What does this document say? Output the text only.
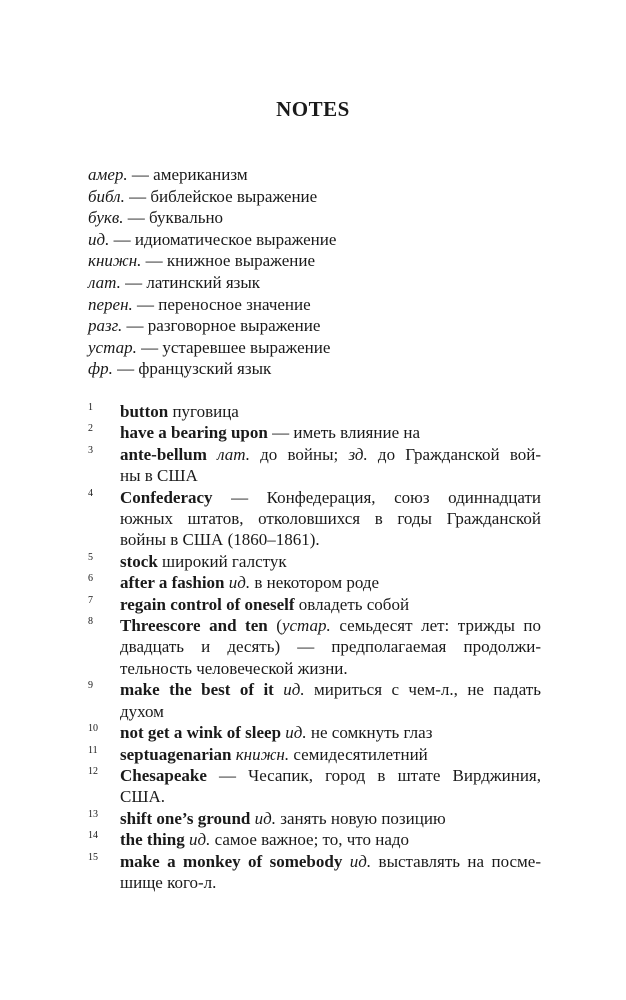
NOTES
амер. — американизм
библ. — библейское выражение
букв. — буквально
ид. — идиоматическое выражение
книжн. — книжное выражение
лат. — латинский язык
перен. — переносное значение
разг. — разговорное выражение
устар. — устаревшее выражение
фр. — французский язык
1 button пуговица
2 have a bearing upon — иметь влияние на
3 ante-bellum лат. до войны; зд. до Гражданской вой-
ны в США
4 Confederacy — Конфедерация, союз одиннадцати
южных штатов, отколовшихся в годы Гражданской
войны в США (1860–1861).
5 stock широкий галстук
6 after a fashion ид. в некотором роде
7 regain control of oneself овладеть собой
8 Threescore and ten (устар. семьдесят лет: трижды по
двадцать и десять) — предполагаемая продолжи-
тельность человеческой жизни.
9 make the best of it ид. мириться с чем-л., не падать
духом
10 not get a wink of sleep ид. не сомкнуть глаз
11 septuagenarian книжн. семидесятилетний
12 Chesapeake — Чесапик, город в штате Вирджиния,
США.
13 shift one’s ground ид. занять новую позицию
14 the thing ид. самое важное; то, что надо
15 make a monkey of somebody ид. выставлять на посме-
шище кого-л.
